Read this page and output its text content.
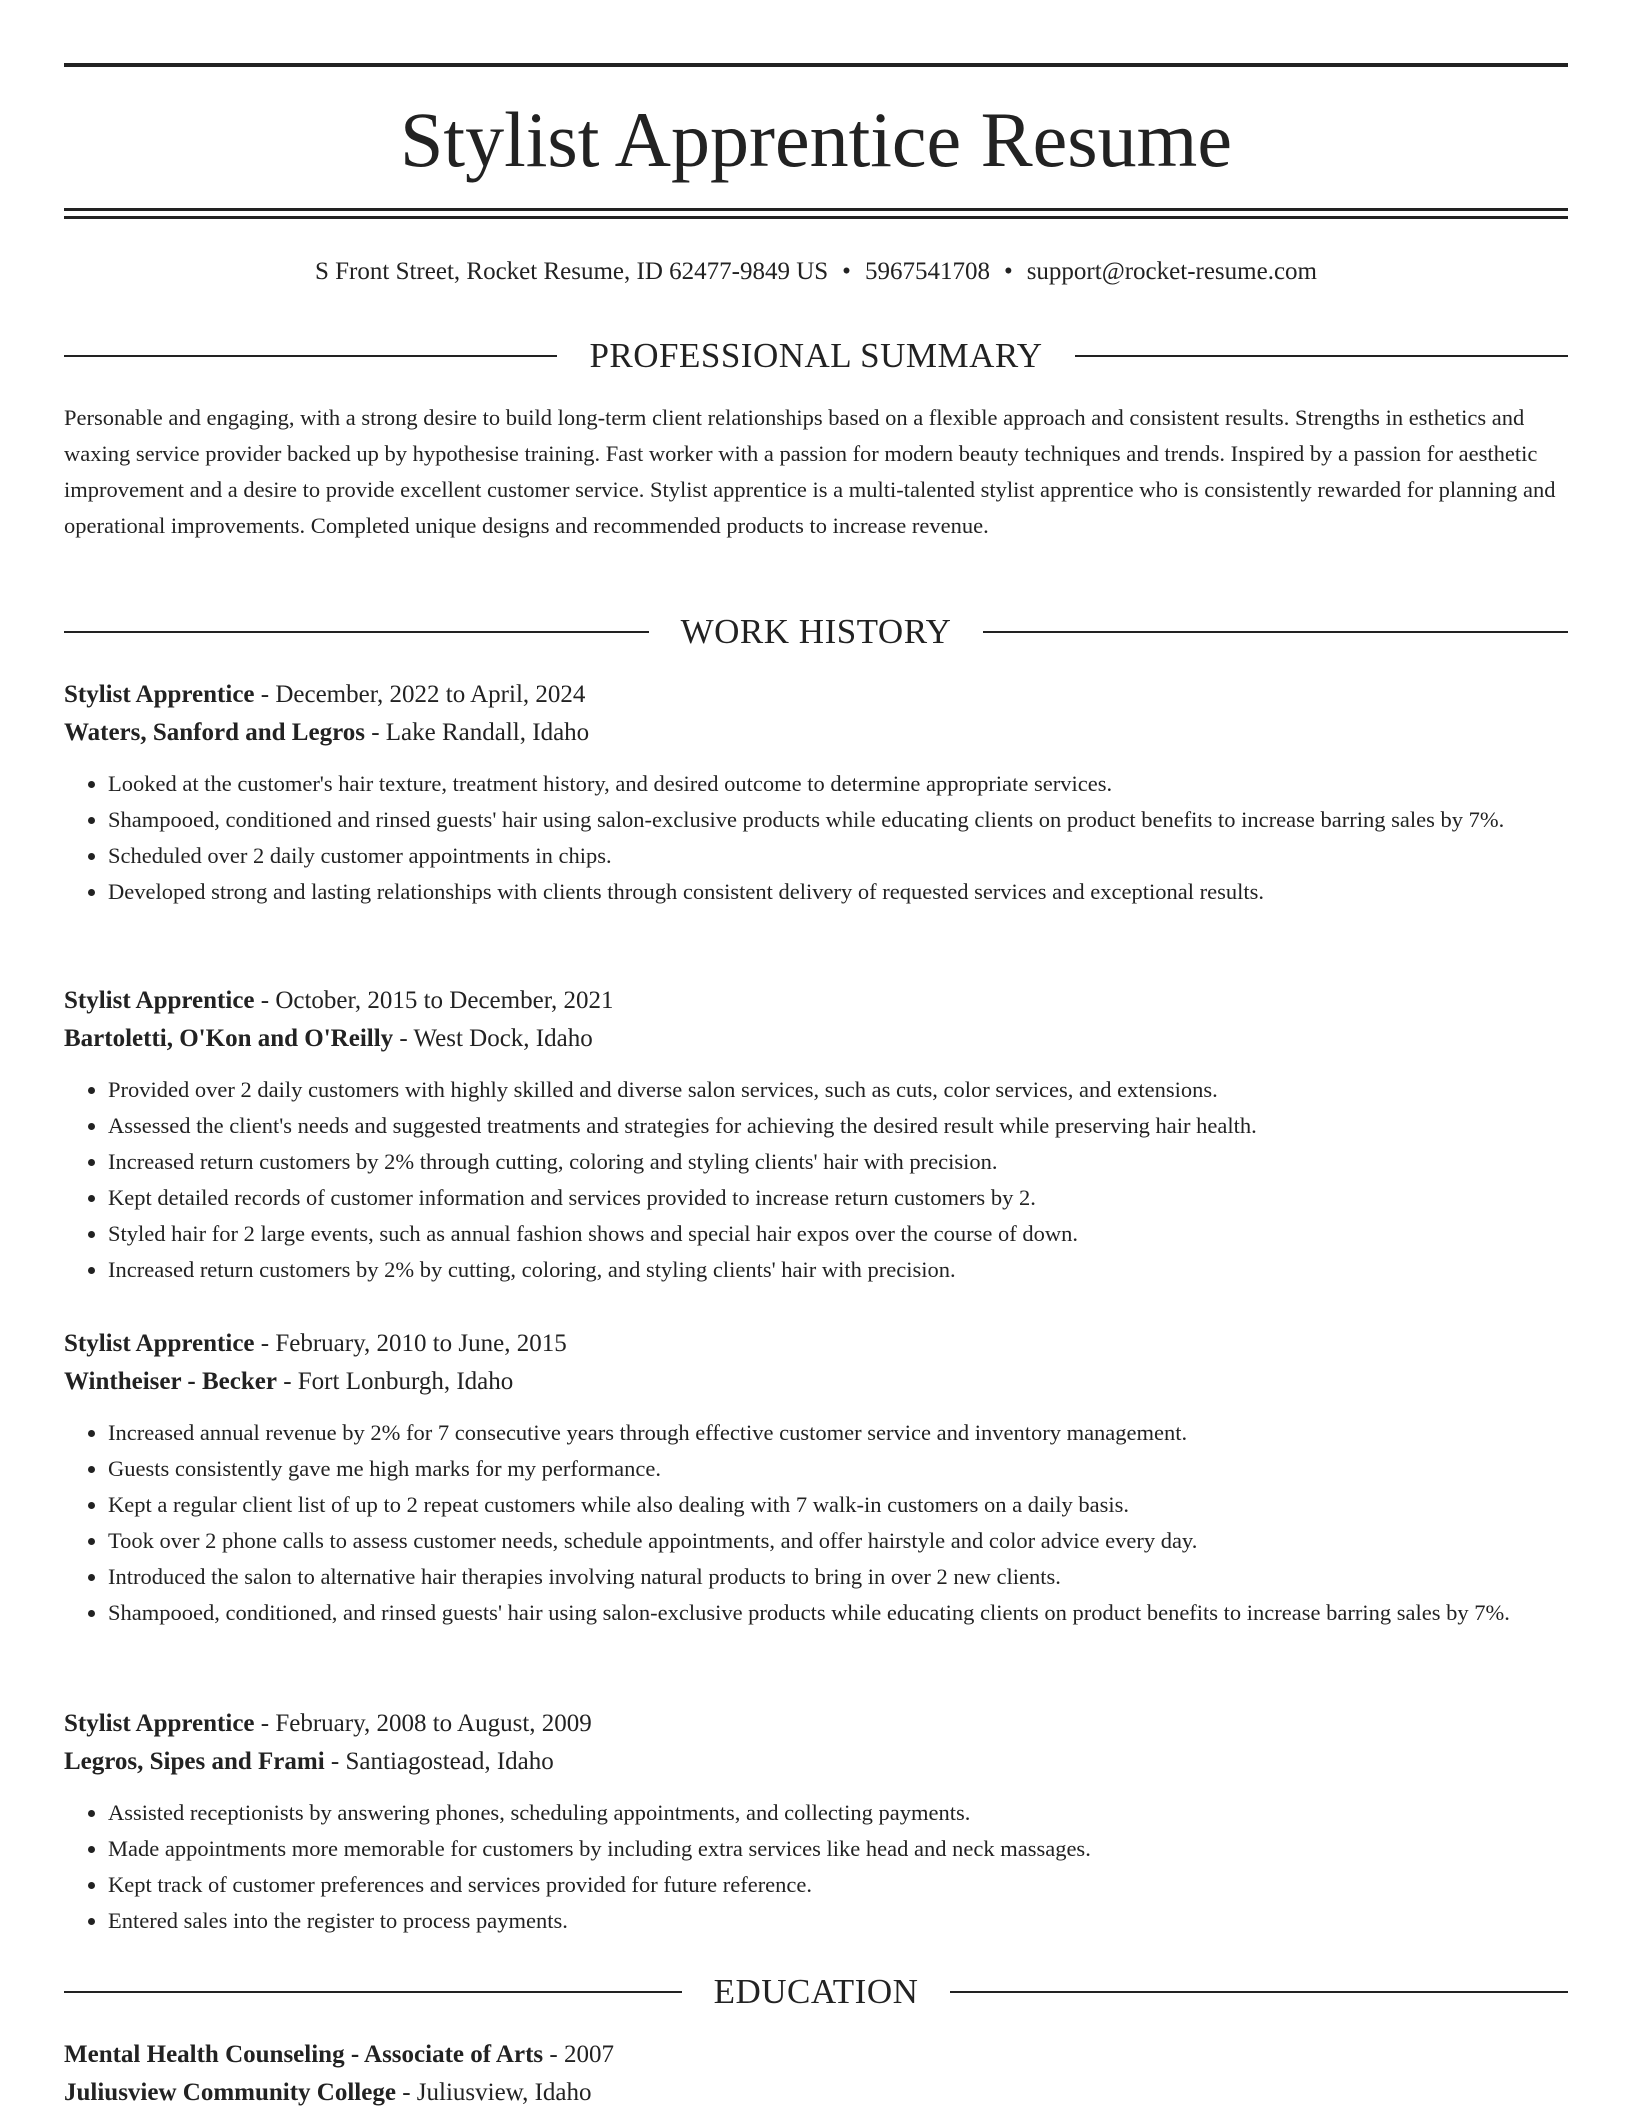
Stylist Apprentice Resume
S Front Street, Rocket Resume, ID 62477-9849 US • 5967541708 • support@rocket-resume.com
PROFESSIONAL SUMMARY

Personable and engaging, with a strong desire to build long-term client relationships based on a flexible approach and consistent results. Strengths in esthetics and waxing service provider backed up by hypothesise training. Fast worker with a passion for modern beauty techniques and trends. Inspired by a passion for aesthetic improvement and a desire to provide excellent customer service. Stylist apprentice is a multi-talented stylist apprentice who is consistently rewarded for planning and operational improvements. Completed unique designs and recommended products to increase revenue.

WORK HISTORY
Stylist Apprentice - December, 2022 to April, 2024
Waters, Sanford and Legros - Lake Randall, Idaho
• Looked at the customer's hair texture, treatment history, and desired outcome to determine appropriate services.
• Shampooed, conditioned and rinsed guests' hair using salon-exclusive products while educating clients on product benefits to increase barring sales by 7%.
• Scheduled over 2 daily customer appointments in chips.
• Developed strong and lasting relationships with clients through consistent delivery of requested services and exceptional results.
Stylist Apprentice - October, 2015 to December, 2021
Bartoletti, O'Kon and O'Reilly - West Dock, Idaho
• Provided over 2 daily customers with highly skilled and diverse salon services, such as cuts, color services, and extensions.
• Assessed the client's needs and suggested treatments and strategies for achieving the desired result while preserving hair health.
• Increased return customers by 2% through cutting, coloring and styling clients' hair with precision.
• Kept detailed records of customer information and services provided to increase return customers by 2.
• Styled hair for 2 large events, such as annual fashion shows and special hair expos over the course of down.
• Increased return customers by 2% by cutting, coloring, and styling clients' hair with precision.
Stylist Apprentice - February, 2010 to June, 2015
Wintheiser - Becker - Fort Lonburgh, Idaho
• Increased annual revenue by 2% for 7 consecutive years through effective customer service and inventory management.
• Guests consistently gave me high marks for my performance.
• Kept a regular client list of up to 2 repeat customers while also dealing with 7 walk-in customers on a daily basis.
• Took over 2 phone calls to assess customer needs, schedule appointments, and offer hairstyle and color advice every day.
• Introduced the salon to alternative hair therapies involving natural products to bring in over 2 new clients.
• Shampooed, conditioned, and rinsed guests' hair using salon-exclusive products while educating clients on product benefits to increase barring sales by 7%.
Stylist Apprentice - February, 2008 to August, 2009
Legros, Sipes and Frami - Santiagostead, Idaho
• Assisted receptionists by answering phones, scheduling appointments, and collecting payments.
• Made appointments more memorable for customers by including extra services like head and neck massages.
• Kept track of customer preferences and services provided for future reference.
• Entered sales into the register to process payments.
EDUCATION
Mental Health Counseling - Associate of Arts - 2007
Juliusview Community College - Juliusview, Idaho
